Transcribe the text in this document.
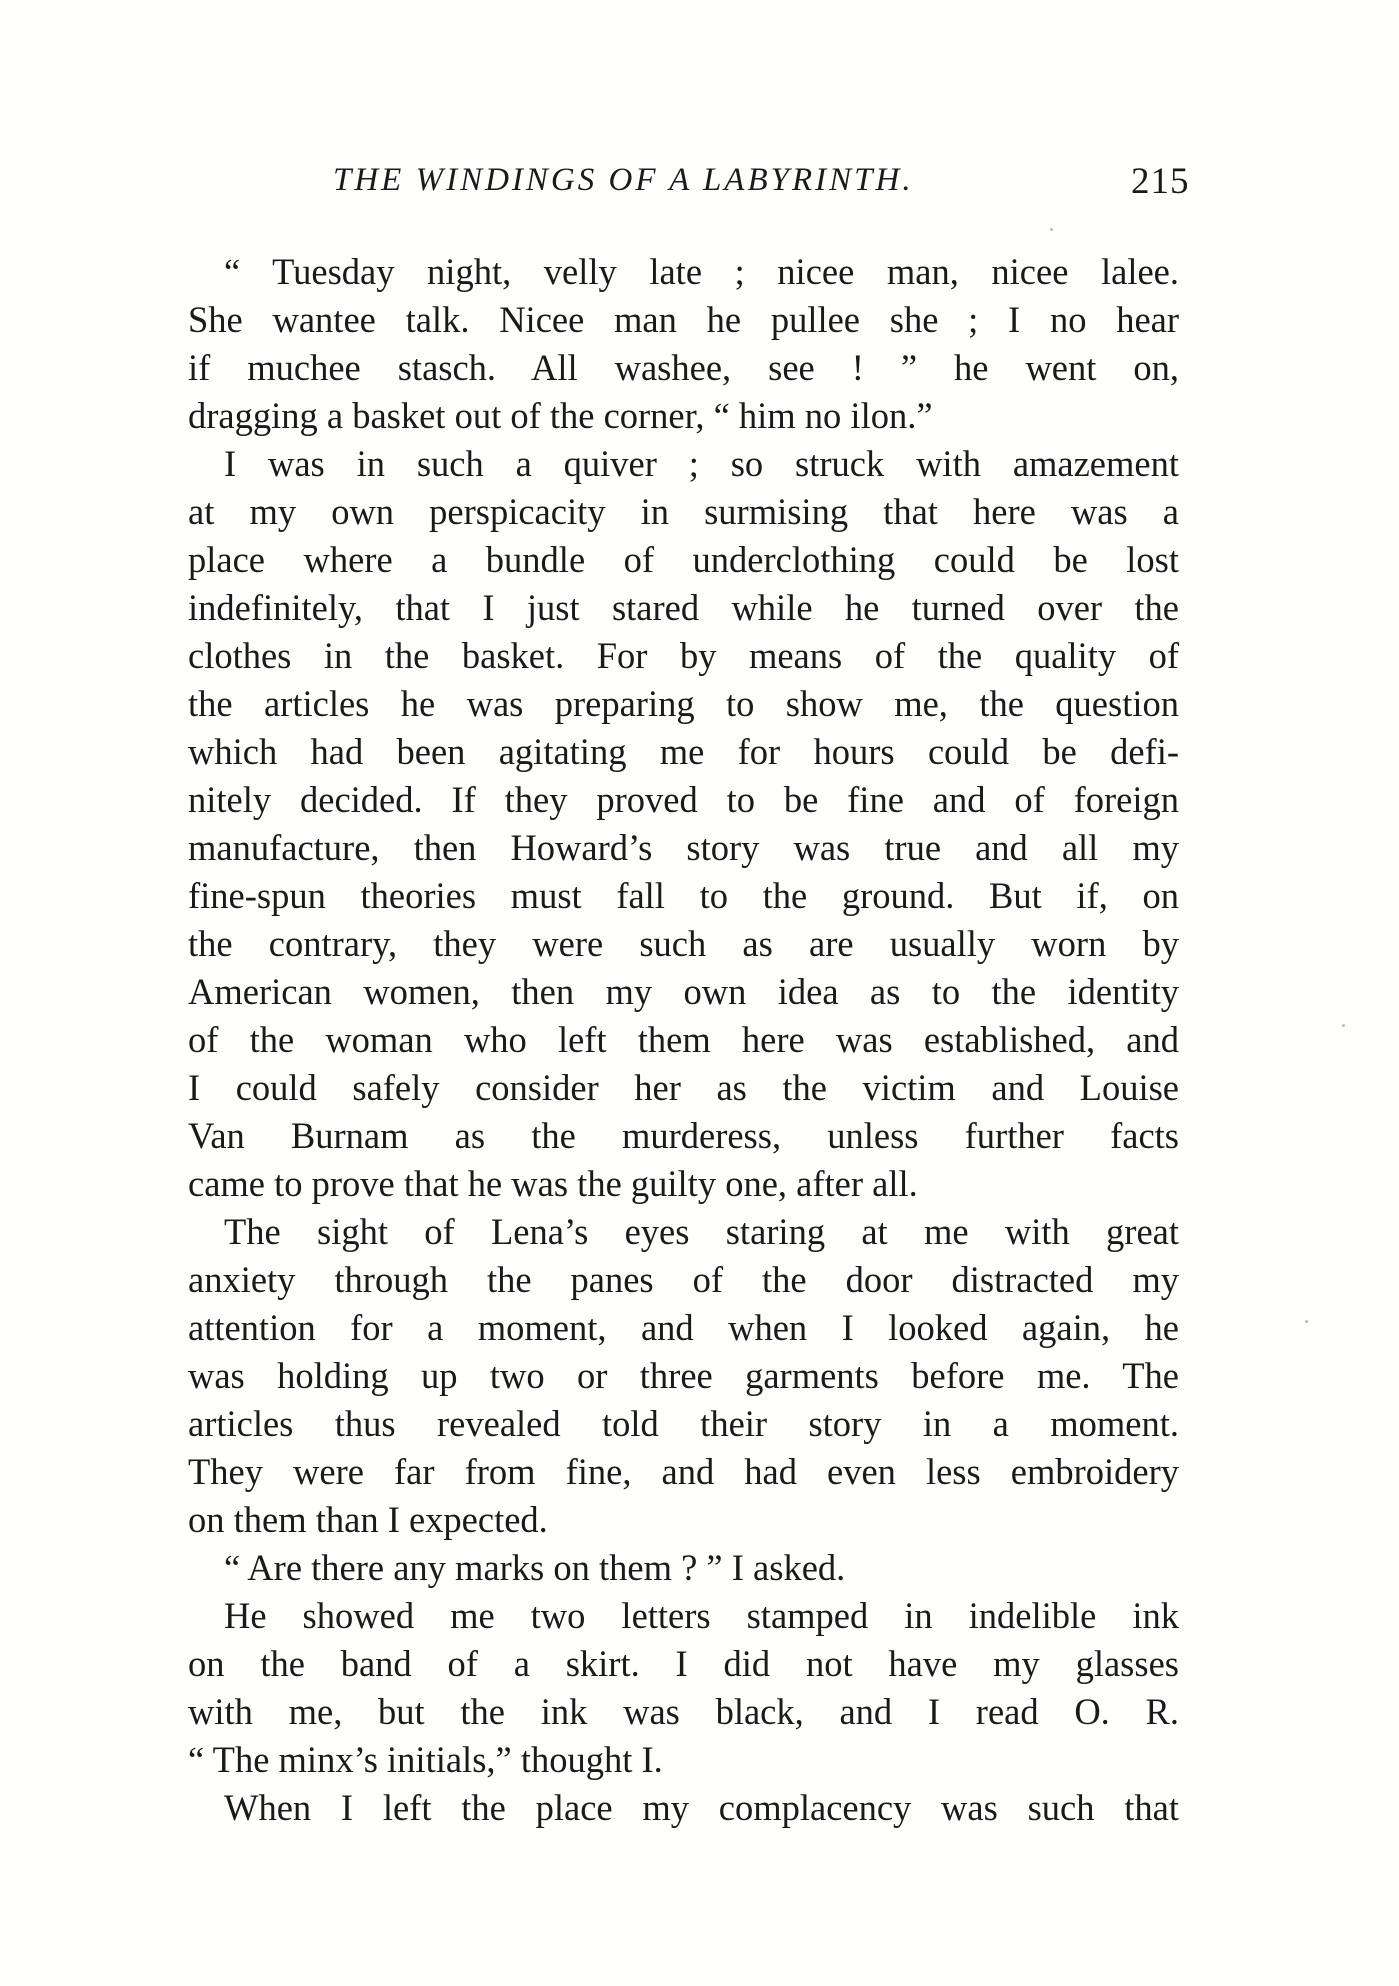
THE WINDINGS OF A LABYRINTH.	215
“ Tuesday night, velly late ; nicee man, nicee lalee.
She wantee talk. Nicee man he pullee she ; I no hear
if muchee stasch. All washee, see ! ” he went on,
dragging a basket out of the corner, “ him no ilon.”
I was in such a quiver ; so struck with amazement
at my own perspicacity in surmising that here was a
place where a bundle of underclothing could be lost
indefinitely, that I just stared while he turned over the
clothes in the basket. For by means of the quality of
the articles he was preparing to show me, the question
which had been agitating me for hours could be defi-
nitely decided. If they proved to be fine and of foreign
manufacture, then Howard’s story was true and all my
fine-spun theories must fall to the ground. But if, on
the contrary, they were such as are usually worn by
American women, then my own idea as to the identity
of the woman who left them here was established, and
I could safely consider her as the victim and Louise
Van Burnam as the murderess, unless further facts
came to prove that he was the guilty one, after all.
The sight of Lena’s eyes staring at me with great
anxiety through the panes of the door distracted my
attention for a moment, and when I looked again, he
was holding up two or three garments before me. The
articles thus revealed told their story in a moment.
They were far from fine, and had even less embroidery
on them than I expected.
“ Are there any marks on them ? ” I asked.
He showed me two letters stamped in indelible ink
on the band of a skirt. I did not have my glasses
with me, but the ink was black, and I read O. R.
“ The minx’s initials,” thought I.
When I left the place my complacency was such that
